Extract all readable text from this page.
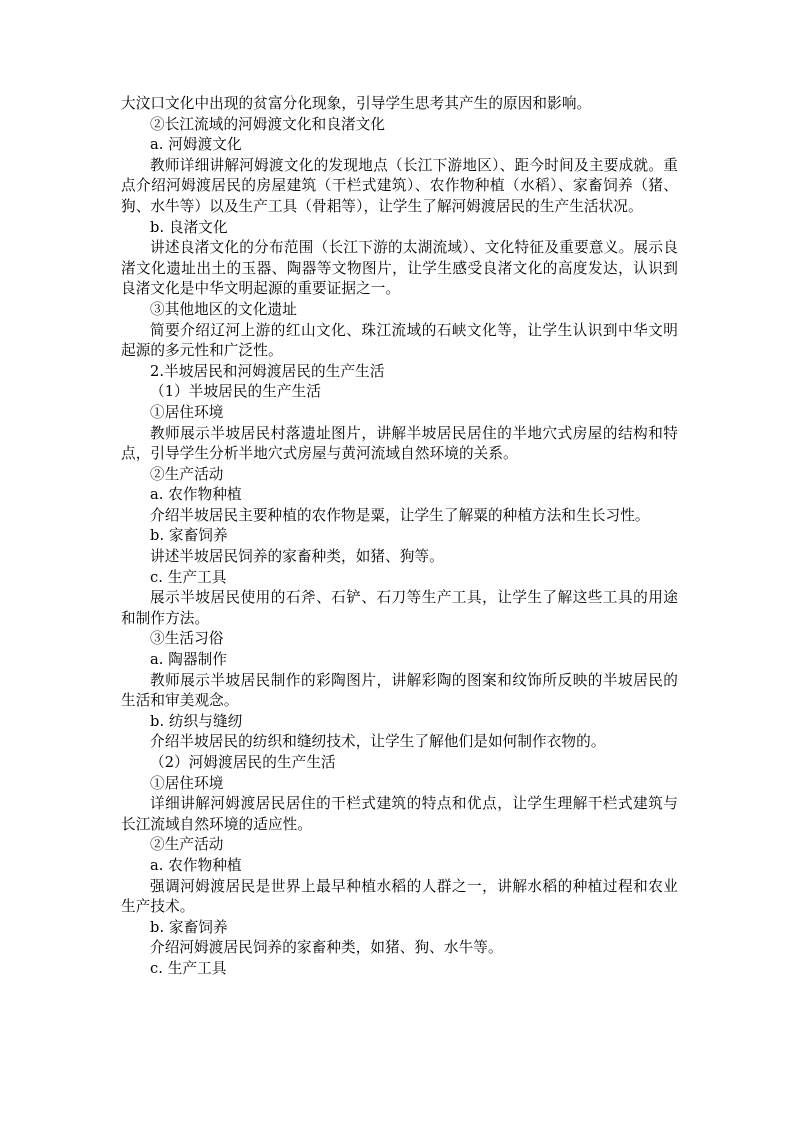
大汶口文化中出现的贫富分化现象，引导学生思考其产生的原因和影响。
②长江流域的河姆渡文化和良渚文化
a. 河姆渡文化
教师详细讲解河姆渡文化的发现地点（长江下游地区）、距今时间及主要成就。重点介绍河姆渡居民的房屋建筑（干栏式建筑）、农作物种植（水稻）、家畜饲养（猪、狗、水牛等）以及生产工具（骨耜等），让学生了解河姆渡居民的生产生活状况。
b. 良渚文化
讲述良渚文化的分布范围（长江下游的太湖流域）、文化特征及重要意义。展示良渚文化遗址出土的玉器、陶器等文物图片，让学生感受良渚文化的高度发达，认识到良渚文化是中华文明起源的重要证据之一。
③其他地区的文化遗址
简要介绍辽河上游的红山文化、珠江流域的石峡文化等，让学生认识到中华文明起源的多元性和广泛性。
2.半坡居民和河姆渡居民的生产生活
（1）半坡居民的生产生活
①居住环境
教师展示半坡居民村落遗址图片，讲解半坡居民居住的半地穴式房屋的结构和特点，引导学生分析半地穴式房屋与黄河流域自然环境的关系。
②生产活动
a. 农作物种植
介绍半坡居民主要种植的农作物是粟，让学生了解粟的种植方法和生长习性。
b. 家畜饲养
讲述半坡居民饲养的家畜种类，如猪、狗等。
c. 生产工具
展示半坡居民使用的石斧、石铲、石刀等生产工具，让学生了解这些工具的用途和制作方法。
③生活习俗
a. 陶器制作
教师展示半坡居民制作的彩陶图片，讲解彩陶的图案和纹饰所反映的半坡居民的生活和审美观念。
b. 纺织与缝纫
介绍半坡居民的纺织和缝纫技术，让学生了解他们是如何制作衣物的。
（2）河姆渡居民的生产生活
①居住环境
详细讲解河姆渡居民居住的干栏式建筑的特点和优点，让学生理解干栏式建筑与长江流域自然环境的适应性。
②生产活动
a. 农作物种植
强调河姆渡居民是世界上最早种植水稻的人群之一，讲解水稻的种植过程和农业生产技术。
b. 家畜饲养
介绍河姆渡居民饲养的家畜种类，如猪、狗、水牛等。
c. 生产工具
